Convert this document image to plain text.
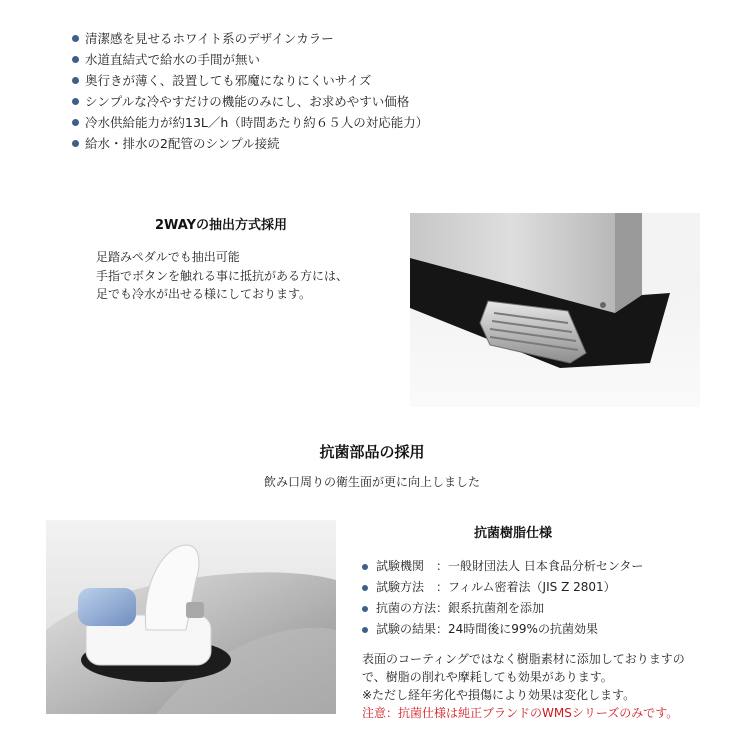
清潔感を見せるホワイト系のデザインカラー
水道直結式で給水の手間が無い
奥行きが薄く、設置しても邪魔になりにくいサイズ
シンプルな冷やすだけの機能のみにし、お求めやすい価格
冷水供給能力が約13L／h（時間あたり約６５人の対応能力）
給水・排水の2配管のシンプル接続
2WAYの抽出方式採用
足踏みペダルでも抽出可能
手指でボタンを触れる事に抵抗がある方には、
足でも冷水が出せる様にしております。
抗菌部品の採用
飲み口周りの衛生面が更に向上しました
抗菌樹脂仕様
試験機関　：一般財団法人 日本食品分析センター
試験方法　：フィルム密着法（JIS Z 2801）
抗菌の方法：銀系抗菌剤を添加
試験の結果：24時間後に99%の抗菌効果
表面のコーティングではなく樹脂素材に添加しておりますの
で、樹脂の削れや摩耗しても効果があります。
※ただし経年劣化や損傷により効果は変化します。
注意：抗菌仕様は純正ブランドのWMSシリーズのみです。
